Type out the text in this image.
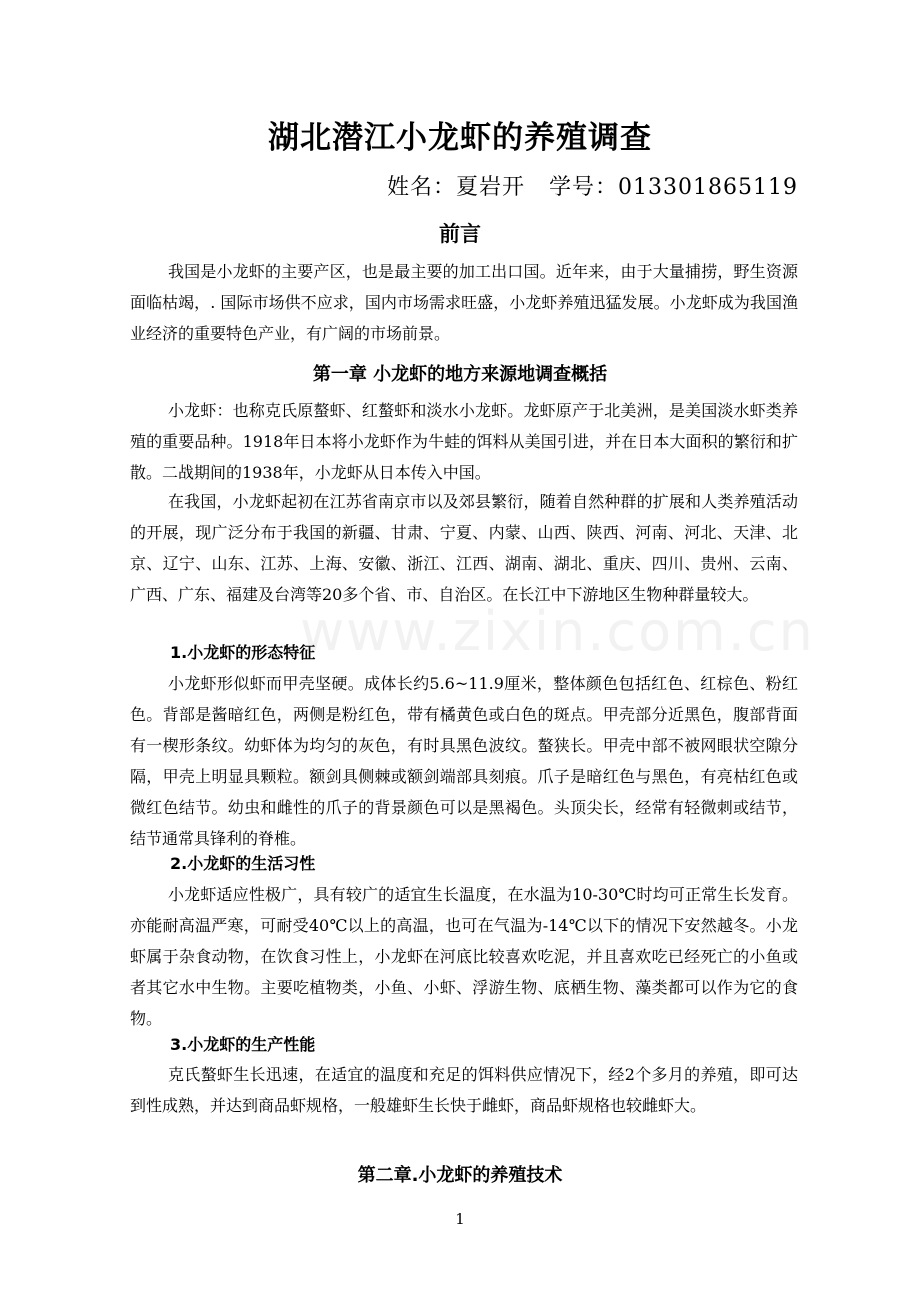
湖北潜江小龙虾的养殖调查
姓名：夏岩开   学号：013301865119
前言
我国是小龙虾的主要产区，也是最主要的加工出口国。近年来，由于大量捕捞，野生资源面临枯竭，. 国际市场供不应求，国内市场需求旺盛，小龙虾养殖迅猛发展。小龙虾成为我国渔业经济的重要特色产业，有广阔的市场前景。
第一章 小龙虾的地方来源地调查概括
小龙虾：也称克氏原螯虾、红螯虾和淡水小龙虾。龙虾原产于北美洲，是美国淡水虾类养殖的重要品种。1918年日本将小龙虾作为牛蛙的饵料从美国引进，并在日本大面积的繁衍和扩散。二战期间的1938年，小龙虾从日本传入中国。
在我国，小龙虾起初在江苏省南京市以及郊县繁衍，随着自然种群的扩展和人类养殖活动的开展，现广泛分布于我国的新疆、甘肃、宁夏、内蒙、山西、陕西、河南、河北、天津、北京、辽宁、山东、江苏、上海、安徽、浙江、江西、湖南、湖北、重庆、四川、贵州、云南、广西、广东、福建及台湾等20多个省、市、自治区。在长江中下游地区生物种群量较大。
1.小龙虾的形态特征
小龙虾形似虾而甲壳坚硬。成体长约5.6~11.9厘米，整体颜色包括红色、红棕色、粉红色。背部是酱暗红色，两侧是粉红色，带有橘黄色或白色的斑点。甲壳部分近黑色，腹部背面有一楔形条纹。幼虾体为均匀的灰色，有时具黑色波纹。螯狭长。甲壳中部不被网眼状空隙分隔，甲壳上明显具颗粒。额剑具侧棘或额剑端部具刻痕。爪子是暗红色与黑色，有亮枯红色或微红色结节。幼虫和雌性的爪子的背景颜色可以是黑褐色。头顶尖长，经常有轻微刺或结节，结节通常具锋利的脊椎。
2.小龙虾的生活习性
小龙虾适应性极广，具有较广的适宜生长温度，在水温为10-30℃时均可正常生长发育。亦能耐高温严寒，可耐受40℃以上的高温，也可在气温为-14℃以下的情况下安然越冬。小龙虾属于杂食动物，在饮食习性上，小龙虾在河底比较喜欢吃泥，并且喜欢吃已经死亡的小鱼或者其它水中生物。主要吃植物类，小鱼、小虾、浮游生物、底栖生物、藻类都可以作为它的食物。
3.小龙虾的生产性能
克氏螯虾生长迅速，在适宜的温度和充足的饵料供应情况下，经2个多月的养殖，即可达到性成熟，并达到商品虾规格，一般雄虾生长快于雌虾，商品虾规格也较雌虾大。
第二章.小龙虾的养殖技术
www.zixin.com.cn
1
